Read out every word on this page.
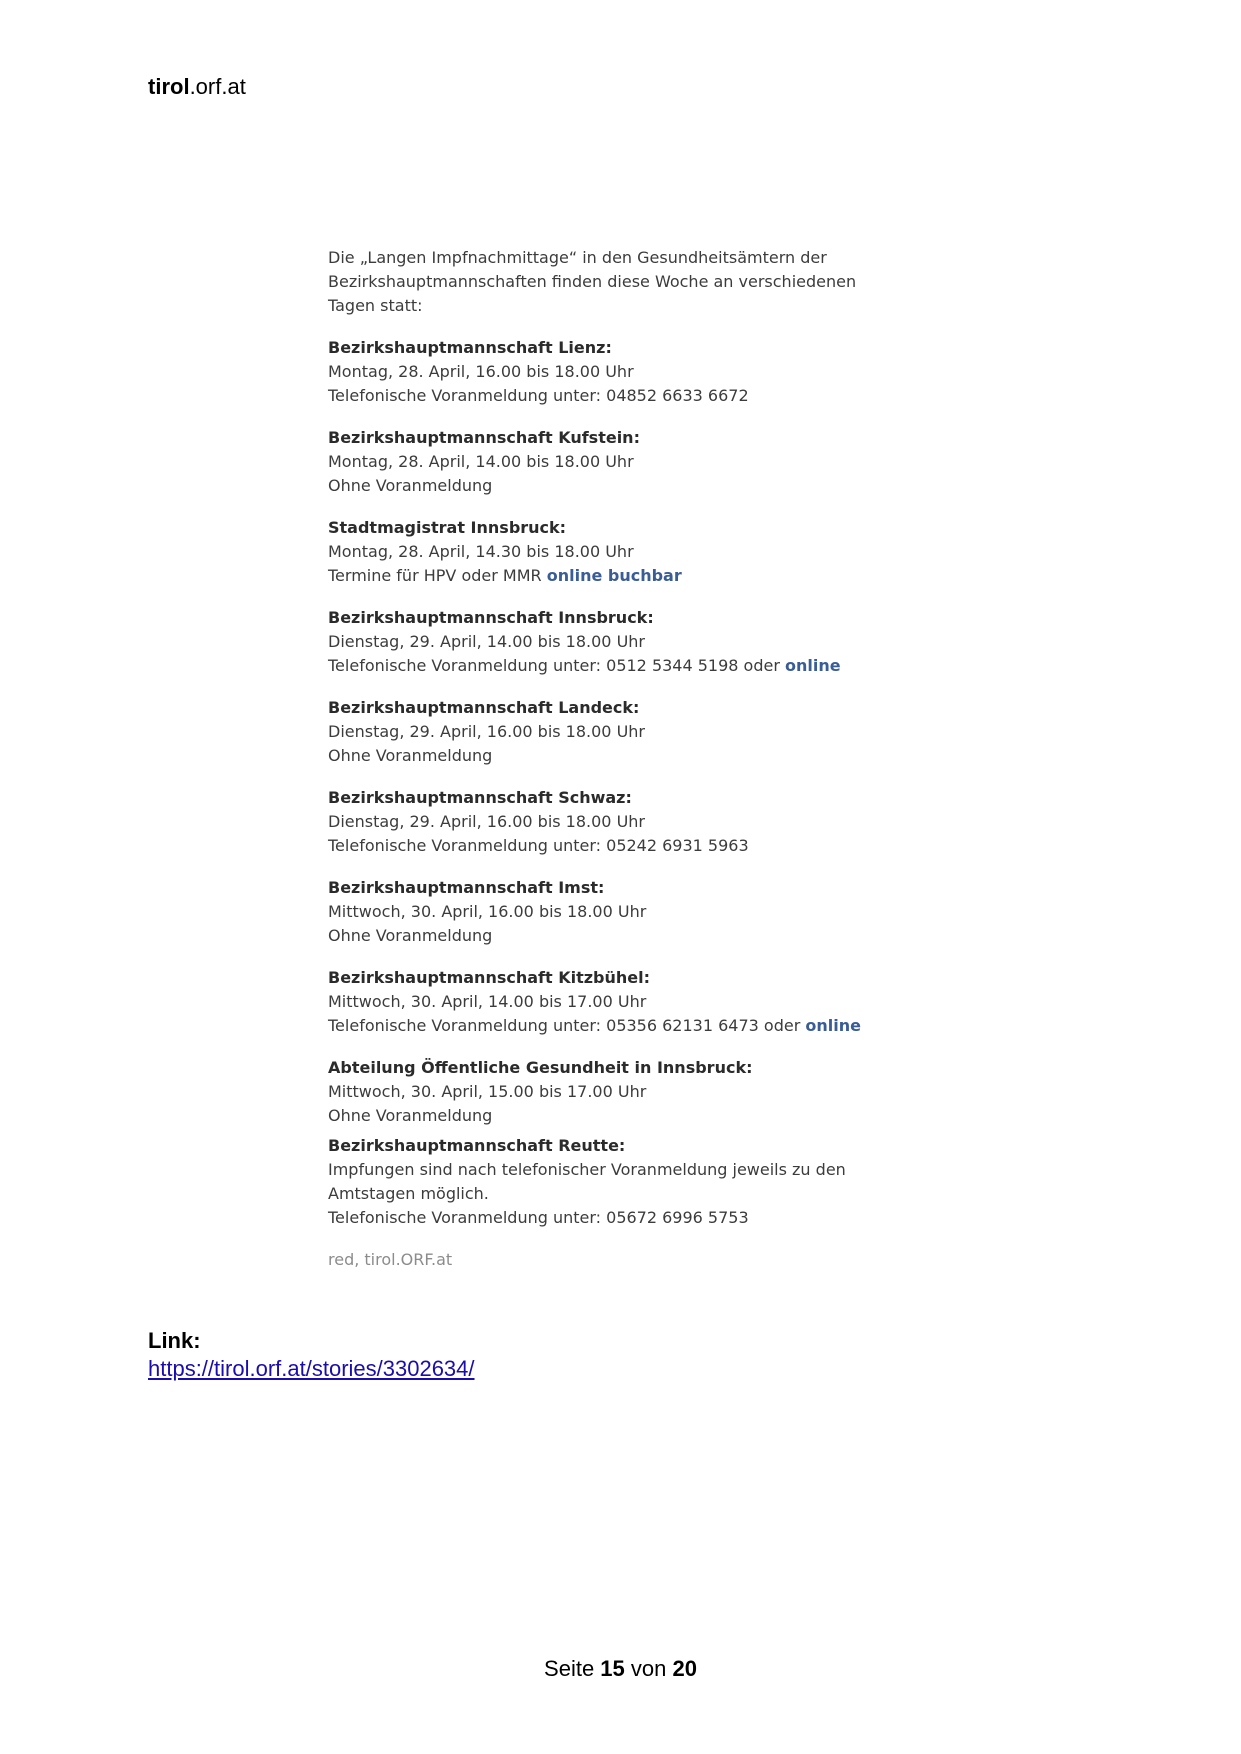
tirol.orf.at
Die „Langen Impfnachmittage“ in den Gesundheitsämtern der Bezirkshauptmannschaften finden diese Woche an verschiedenen Tagen statt:
Bezirkshauptmannschaft Lienz:
Montag, 28. April, 16.00 bis 18.00 Uhr
Telefonische Voranmeldung unter: 04852 6633 6672
Bezirkshauptmannschaft Kufstein:
Montag, 28. April, 14.00 bis 18.00 Uhr
Ohne Voranmeldung
Stadtmagistrat Innsbruck:
Montag, 28. April, 14.30 bis 18.00 Uhr
Termine für HPV oder MMR online buchbar
Bezirkshauptmannschaft Innsbruck:
Dienstag, 29. April, 14.00 bis 18.00 Uhr
Telefonische Voranmeldung unter: 0512 5344 5198 oder online
Bezirkshauptmannschaft Landeck:
Dienstag, 29. April, 16.00 bis 18.00 Uhr
Ohne Voranmeldung
Bezirkshauptmannschaft Schwaz:
Dienstag, 29. April, 16.00 bis 18.00 Uhr
Telefonische Voranmeldung unter: 05242 6931 5963
Bezirkshauptmannschaft Imst:
Mittwoch, 30. April, 16.00 bis 18.00 Uhr
Ohne Voranmeldung
Bezirkshauptmannschaft Kitzbühel:
Mittwoch, 30. April, 14.00 bis 17.00 Uhr
Telefonische Voranmeldung unter: 05356 62131 6473 oder online
Abteilung Öffentliche Gesundheit in Innsbruck:
Mittwoch, 30. April, 15.00 bis 17.00 Uhr
Ohne Voranmeldung
Bezirkshauptmannschaft Reutte:
Impfungen sind nach telefonischer Voranmeldung jeweils zu den Amtstagen möglich.
Telefonische Voranmeldung unter: 05672 6996 5753
red, tirol.ORF.at
Link:
https://tirol.orf.at/stories/3302634/
Seite 15 von 20
